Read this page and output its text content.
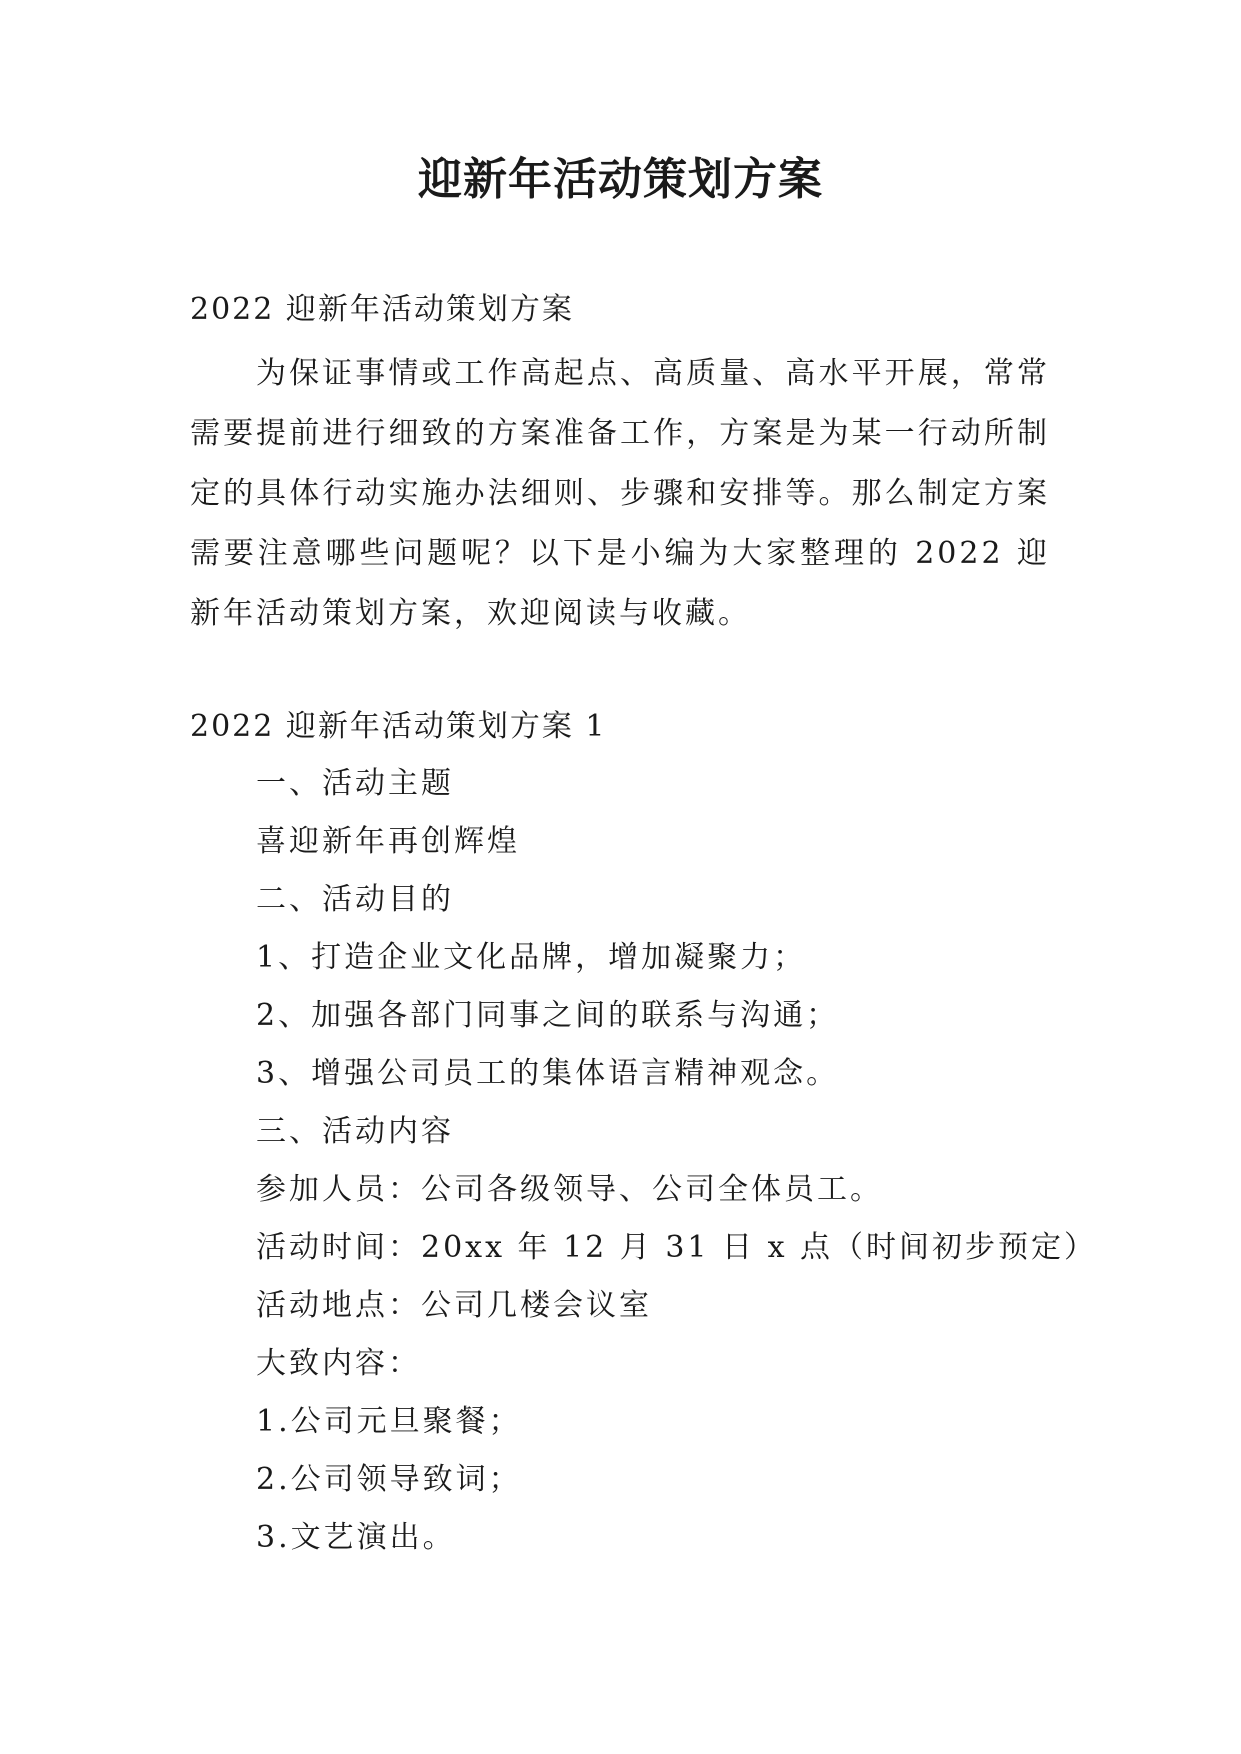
迎新年活动策划方案
2022 迎新年活动策划方案
为保证事情或工作高起点、高质量、高水平开展，常常需要提前进行细致的方案准备工作，方案是为某一行动所制定的具体行动实施办法细则、步骤和安排等。那么制定方案需要注意哪些问题呢？以下是小编为大家整理的 2022 迎新年活动策划方案，欢迎阅读与收藏。
2022 迎新年活动策划方案 1
一、活动主题
喜迎新年再创辉煌
二、活动目的
1、打造企业文化品牌，增加凝聚力；
2、加强各部门同事之间的联系与沟通；
3、增强公司员工的集体语言精神观念。
三、活动内容
参加人员：公司各级领导、公司全体员工。
活动时间：20xx 年 12 月 31 日 x 点（时间初步预定）
活动地点：公司几楼会议室
大致内容：
1.公司元旦聚餐；
2.公司领导致词；
3.文艺演出。
